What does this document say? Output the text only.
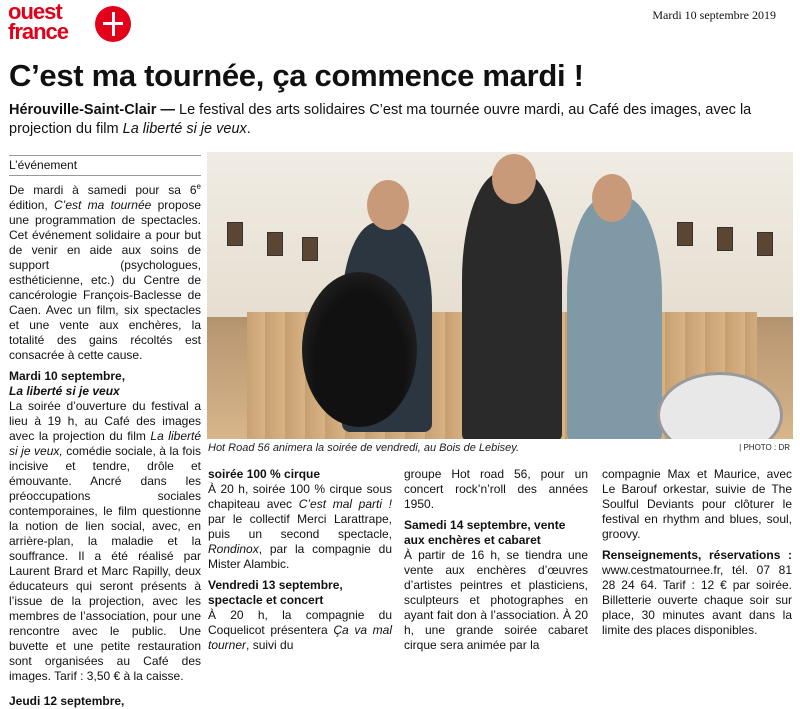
ouest
france
Mardi 10 septembre 2019
C’est ma tournée, ça commence mardi !

Hérouville-Saint-Clair — Le festival des arts solidaires C’est ma tournée ouvre mardi, au Café des images, avec la projection du film La liberté si je veux.

L’événement

De mardi à samedi pour sa 6e édition, C’est ma tournée propose une programmation de spectacles. Cet événement solidaire a pour but de venir en aide aux soins de support (psychologues, esthéticienne, etc.) du Centre de cancérologie François-Baclesse de Caen. Avec un film, six spectacles et une vente aux enchères, la totalité des gains récoltés est consacrée à cette cause.

Mardi 10 septembre,

La liberté si je veux

La soirée d’ouverture du festival a lieu à 19 h, au Café des images avec la projection du film La liberté si je veux, comédie sociale, à la fois incisive et tendre, drôle et émouvante. Ancré dans les préoccupations sociales contemporaines, le film questionne la notion de lien social, avec, en arrière-plan, la maladie et la souffrance. Il a été réalisé par Laurent Brard et Marc Rapilly, deux éducateurs qui seront présents à l’issue de la projection, avec les membres de l’association, pour une rencontre avec le public. Une buvette et une petite restauration sont organisées au Café des images. Tarif : 3,50 € à la caisse.

Jeudi 12 septembre,

Hot Road 56 animera la soirée de vendredi, au Bois de Lebisey.	| PHOTO : DR

soirée 100 % cirque

À 20 h, soirée 100 % cirque sous chapiteau avec C’est mal parti ! par le collectif Merci Larattrape, puis un second spectacle, Rondinox, par la compagnie du Mister Alambic.

Vendredi 13 septembre, spectacle et concert

À 20 h, la compagnie du Coquelicot présentera Ça va mal tourner, suivi du

groupe Hot road 56, pour un concert rock’n’roll des années 1950.

Samedi 14 septembre, vente aux enchères et cabaret

À partir de 16 h, se tiendra une vente aux enchères d’œuvres d’artistes peintres et plasticiens, sculpteurs et photographes en ayant fait don à l’association. À 20 h, une grande soirée cabaret cirque sera animée par la

compagnie Max et Maurice, avec Le Barouf orkestar, suivie de The Soulful Deviants pour clôturer le festival en rhythm and blues, soul, groovy.

Renseignements, réservations : www.cestmatournee.fr, tél. 07 81 28 24 64. Tarif : 12 € par soirée. Billetterie ouverte chaque soir sur place, 30 minutes avant dans la limite des places disponibles.
